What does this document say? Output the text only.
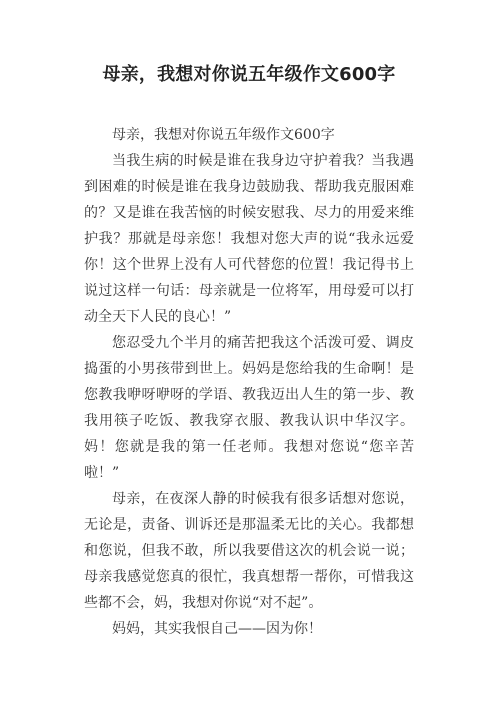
母亲，我想对你说五年级作文600字

母亲，我想对你说五年级作文600字

当我生病的时候是谁在我身边守护着我？当我遇到困难的时候是谁在我身边鼓励我、帮助我克服困难的？又是谁在我苦恼的时候安慰我、尽力的用爱来维护我？那就是母亲您！我想对您大声的说“我永远爱你！这个世界上没有人可代替您的位置！我记得书上说过这样一句话：母亲就是一位将军，用母爱可以打动全天下人民的良心！”

您忍受九个半月的痛苦把我这个活泼可爱、调皮捣蛋的小男孩带到世上。妈妈是您给我的生命啊！是您教我咿呀咿呀的学语、教我迈出人生的第一步、教我用筷子吃饭、教我穿衣服、教我认识中华汉字。妈！您就是我的第一任老师。我想对您说“您辛苦啦！”

母亲，在夜深人静的时候我有很多话想对您说，无论是，责备、训诉还是那温柔无比的关心。我都想和您说，但我不敢，所以我要借这次的机会说一说；母亲我感觉您真的很忙，我真想帮一帮你，可惜我这些都不会，妈，我想对你说“对不起”。

妈妈，其实我恨自己——因为你！
